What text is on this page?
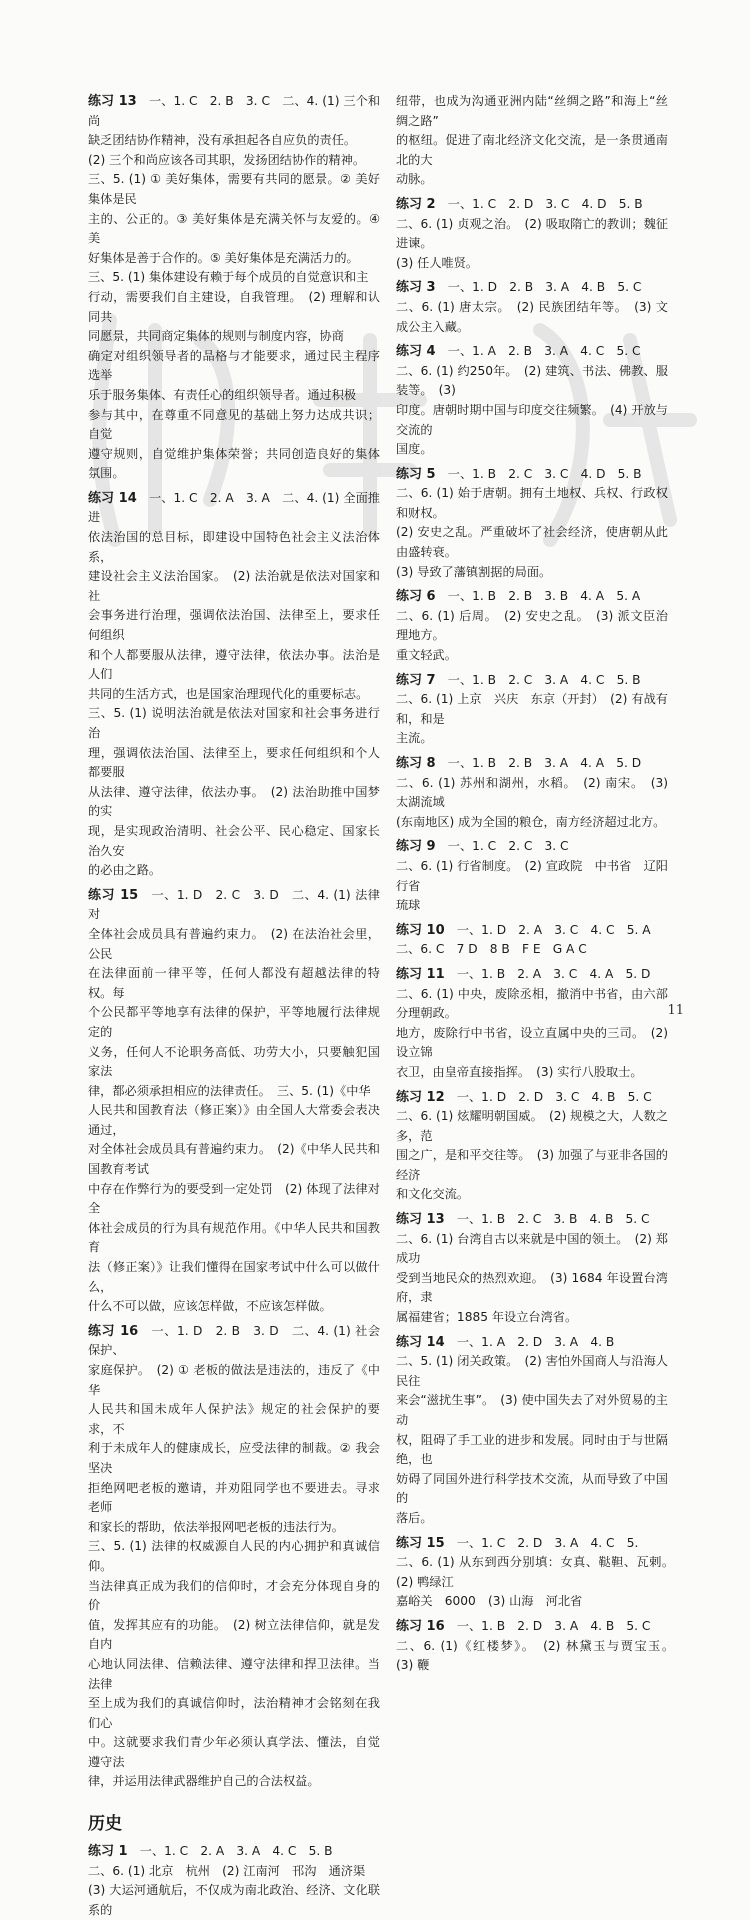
练习 13　 一、1. C　2. B　3. C　二、4. (1) 三个和尚
缺乏团结协作精神，没有承担起各自应负的责任。
(2) 三个和尚应该各司其职，发扬团结协作的精神。
三、5. (1) ① 美好集体，需要有共同的愿景。② 美好集体是民
主的、公正的。③ 美好集体是充满关怀与友爱的。④ 美
好集体是善于合作的。⑤ 美好集体是充满活力的。
三、5. (1) 集体建设有赖于每个成员的自觉意识和主
行动，需要我们自主建设，自我管理。　(2) 理解和认同共
同愿景，共同商定集体的规则与制度内容，协商
确定对组织领导者的品格与才能要求，通过民主程序选举
乐于服务集体、有责任心的组织领导者。通过积极
参与其中，在尊重不同意见的基础上努力达成共识；自觉
遵守规则，自觉维护集体荣誉；共同创造良好的集体氛围。

练习 14　 一、1. C　2. A　3. A　二、4. (1) 全面推进
依法治国的总目标，即建设中国特色社会主义法治体系，
建设社会主义法治国家。　(2) 法治就是依法对国家和社
会事务进行治理，强调依法治国、法律至上，要求任何组织
和个人都要服从法律，遵守法律，依法办事。法治是人们
共同的生活方式，也是国家治理现代化的重要标志。
三、5. (1) 说明法治就是依法对国家和社会事务进行治
理，强调依法治国、法律至上，要求任何组织和个人都要服
从法律、遵守法律，依法办事。　(2) 法治助推中国梦的实
现，是实现政治清明、社会公平、民心稳定、国家长治久安
的必由之路。

练习 15　 一、1. D　2. C　3. D　二、4. (1) 法律对
全体社会成员具有普遍约束力。　(2) 在法治社会里，公民
在法律面前一律平等，任何人都没有超越法律的特权。每
个公民都平等地享有法律的保护，平等地履行法律规定的
义务，任何人不论职务高低、功劳大小，只要触犯国家法
律，都必须承担相应的法律责任。　三、5. (1)《中华
人民共和国教育法（修正案）》由全国人大常委会表决通过，
对全体社会成员具有普遍约束力。　(2)《中华人民共和国教育考试
中存在作弊行为的要受到一定处罚　(2) 体现了法律对全
体社会成员的行为具有规范作用。《中华人民共和国教育
法（修正案）》让我们懂得在国家考试中什么可以做什么，
什么不可以做，应该怎样做，不应该怎样做。

练习 16　 一、1. D　2. B　3. D　二、4. (1) 社会保护、
家庭保护。　(2) ① 老板的做法是违法的，违反了《中华
人民共和国未成年人保护法》规定的社会保护的要求，不
利于未成年人的健康成长，应受法律的制裁。② 我会坚决
拒绝网吧老板的邀请，并劝阻同学也不要进去。寻求老师
和家长的帮助，依法举报网吧老板的违法行为。
三、5. (1) 法律的权威源自人民的内心拥护和真诚信仰。
当法律真正成为我们的信仰时，才会充分体现自身的价
值，发挥其应有的功能。　(2) 树立法律信仰，就是发自内
心地认同法律、信赖法律、遵守法律和捍卫法律。当法律
至上成为我们的真诚信仰时，法治精神才会铭刻在我们心
中。这就要求我们青少年必须认真学法、懂法，自觉遵守法
律，并运用法律武器维护自己的合法权益。

历史

练习 1　 一、1. C　2. A　3. A　4. C　5. B
二、6. (1) 北京　杭州　(2) 江南河　邗沟　通济渠
(3) 大运河通航后，不仅成为南北政治、经济、文化联系的

纽带，也成为沟通亚洲内陆“丝绸之路”和海上“丝绸之路”
的枢纽。促进了南北经济文化交流，是一条贯通南北的大
动脉。

练习 2　 一、1. C　2. D　3. C　4. D　5. B
二、6. (1) 贞观之治。　(2) 吸取隋亡的教训；魏征进谏。
(3) 任人唯贤。

练习 3　 一、1. D　2. B　3. A　4. B　5. C
二、6. (1) 唐太宗。　(2) 民族团结年等。　(3) 文成公主入藏。

练习 4　 一、1. A　2. B　3. A　4. C　5. C
二、6. (1) 约250年。　(2) 建筑、书法、佛教、服装等。　(3)
印度。唐朝时期中国与印度交往频繁。　(4) 开放与交流的
国度。

练习 5　 一、1. B　2. C　3. C　4. D　5. B
二、6. (1) 始于唐朝。拥有土地权、兵权、行政权和财权。
(2) 安史之乱。严重破坏了社会经济，使唐朝从此由盛转衰。
(3) 导致了藩镇割据的局面。

练习 6　 一、1. B　2. B　3. B　4. A　5. A
二、6. (1) 后周。　(2) 安史之乱。　(3) 派文臣治理地方。
重文轻武。

练习 7　 一、1. B　2. C　3. A　4. C　5. B
二、6. (1) 上京　兴庆　东京（开封）　(2) 有战有和，和是
主流。

练习 8　 一、1. B　2. B　3. A　4. A　5. D
二、6. (1) 苏州和湖州，水稻。　(2) 南宋。　(3) 太湖流域
(东南地区) 成为全国的粮仓，南方经济超过北方。

练习 9　 一、1. C　2. C　3. C
二、6. (1) 行省制度。　(2) 宣政院　中书省　辽阳行省
琉球

练习 10　 一、1. D　2. A　3. C　4. C　5. A
二、6. C　7 D　8 B　F E　G A C

练习 11　 一、1. B　2. A　3. C　4. A　5. D
二、6. (1) 中央，废除丞相，撤消中书省，由六部分理朝政。
地方，废除行中书省，设立直属中央的三司。　(2) 设立锦
衣卫，由皇帝直接指挥。　(3) 实行八股取士。

练习 12　 一、1. D　2. D　3. C　4. B　5. C
二、6. (1) 炫耀明朝国威。　(2) 规模之大，人数之多，范
围之广，是和平交往等。　(3) 加强了与亚非各国的经济
和文化交流。

练习 13　 一、1. B　2. C　3. B　4. B　5. C
二、6. (1) 台湾自古以来就是中国的领土。　(2) 郑成功
受到当地民众的热烈欢迎。　(3) 1684 年设置台湾府，隶
属福建省；1885 年设立台湾省。

练习 14　 一、1. A　2. D　3. A　4. B
二、5. (1) 闭关政策。　(2) 害怕外国商人与沿海人民往
来会“滋扰生事”。　(3) 使中国失去了对外贸易的主动
权，阻碍了手工业的进步和发展。同时由于与世隔绝，也
妨碍了同国外进行科学技术交流，从而导致了中国的
落后。

练习 15　 一、1. C　2. D　3. A　4. C　5.
二、6. (1) 从东到西分别填：女真、鞑靼、瓦剌。　(2) 鸭绿江
嘉峪关　6000　(3) 山海　河北省

练习 16　 一、1. B　2. D　3. A　4. B　5. C
二、6. (1)《红楼梦》。　(2) 林黛玉与贾宝玉。　(3) 鞭

11
